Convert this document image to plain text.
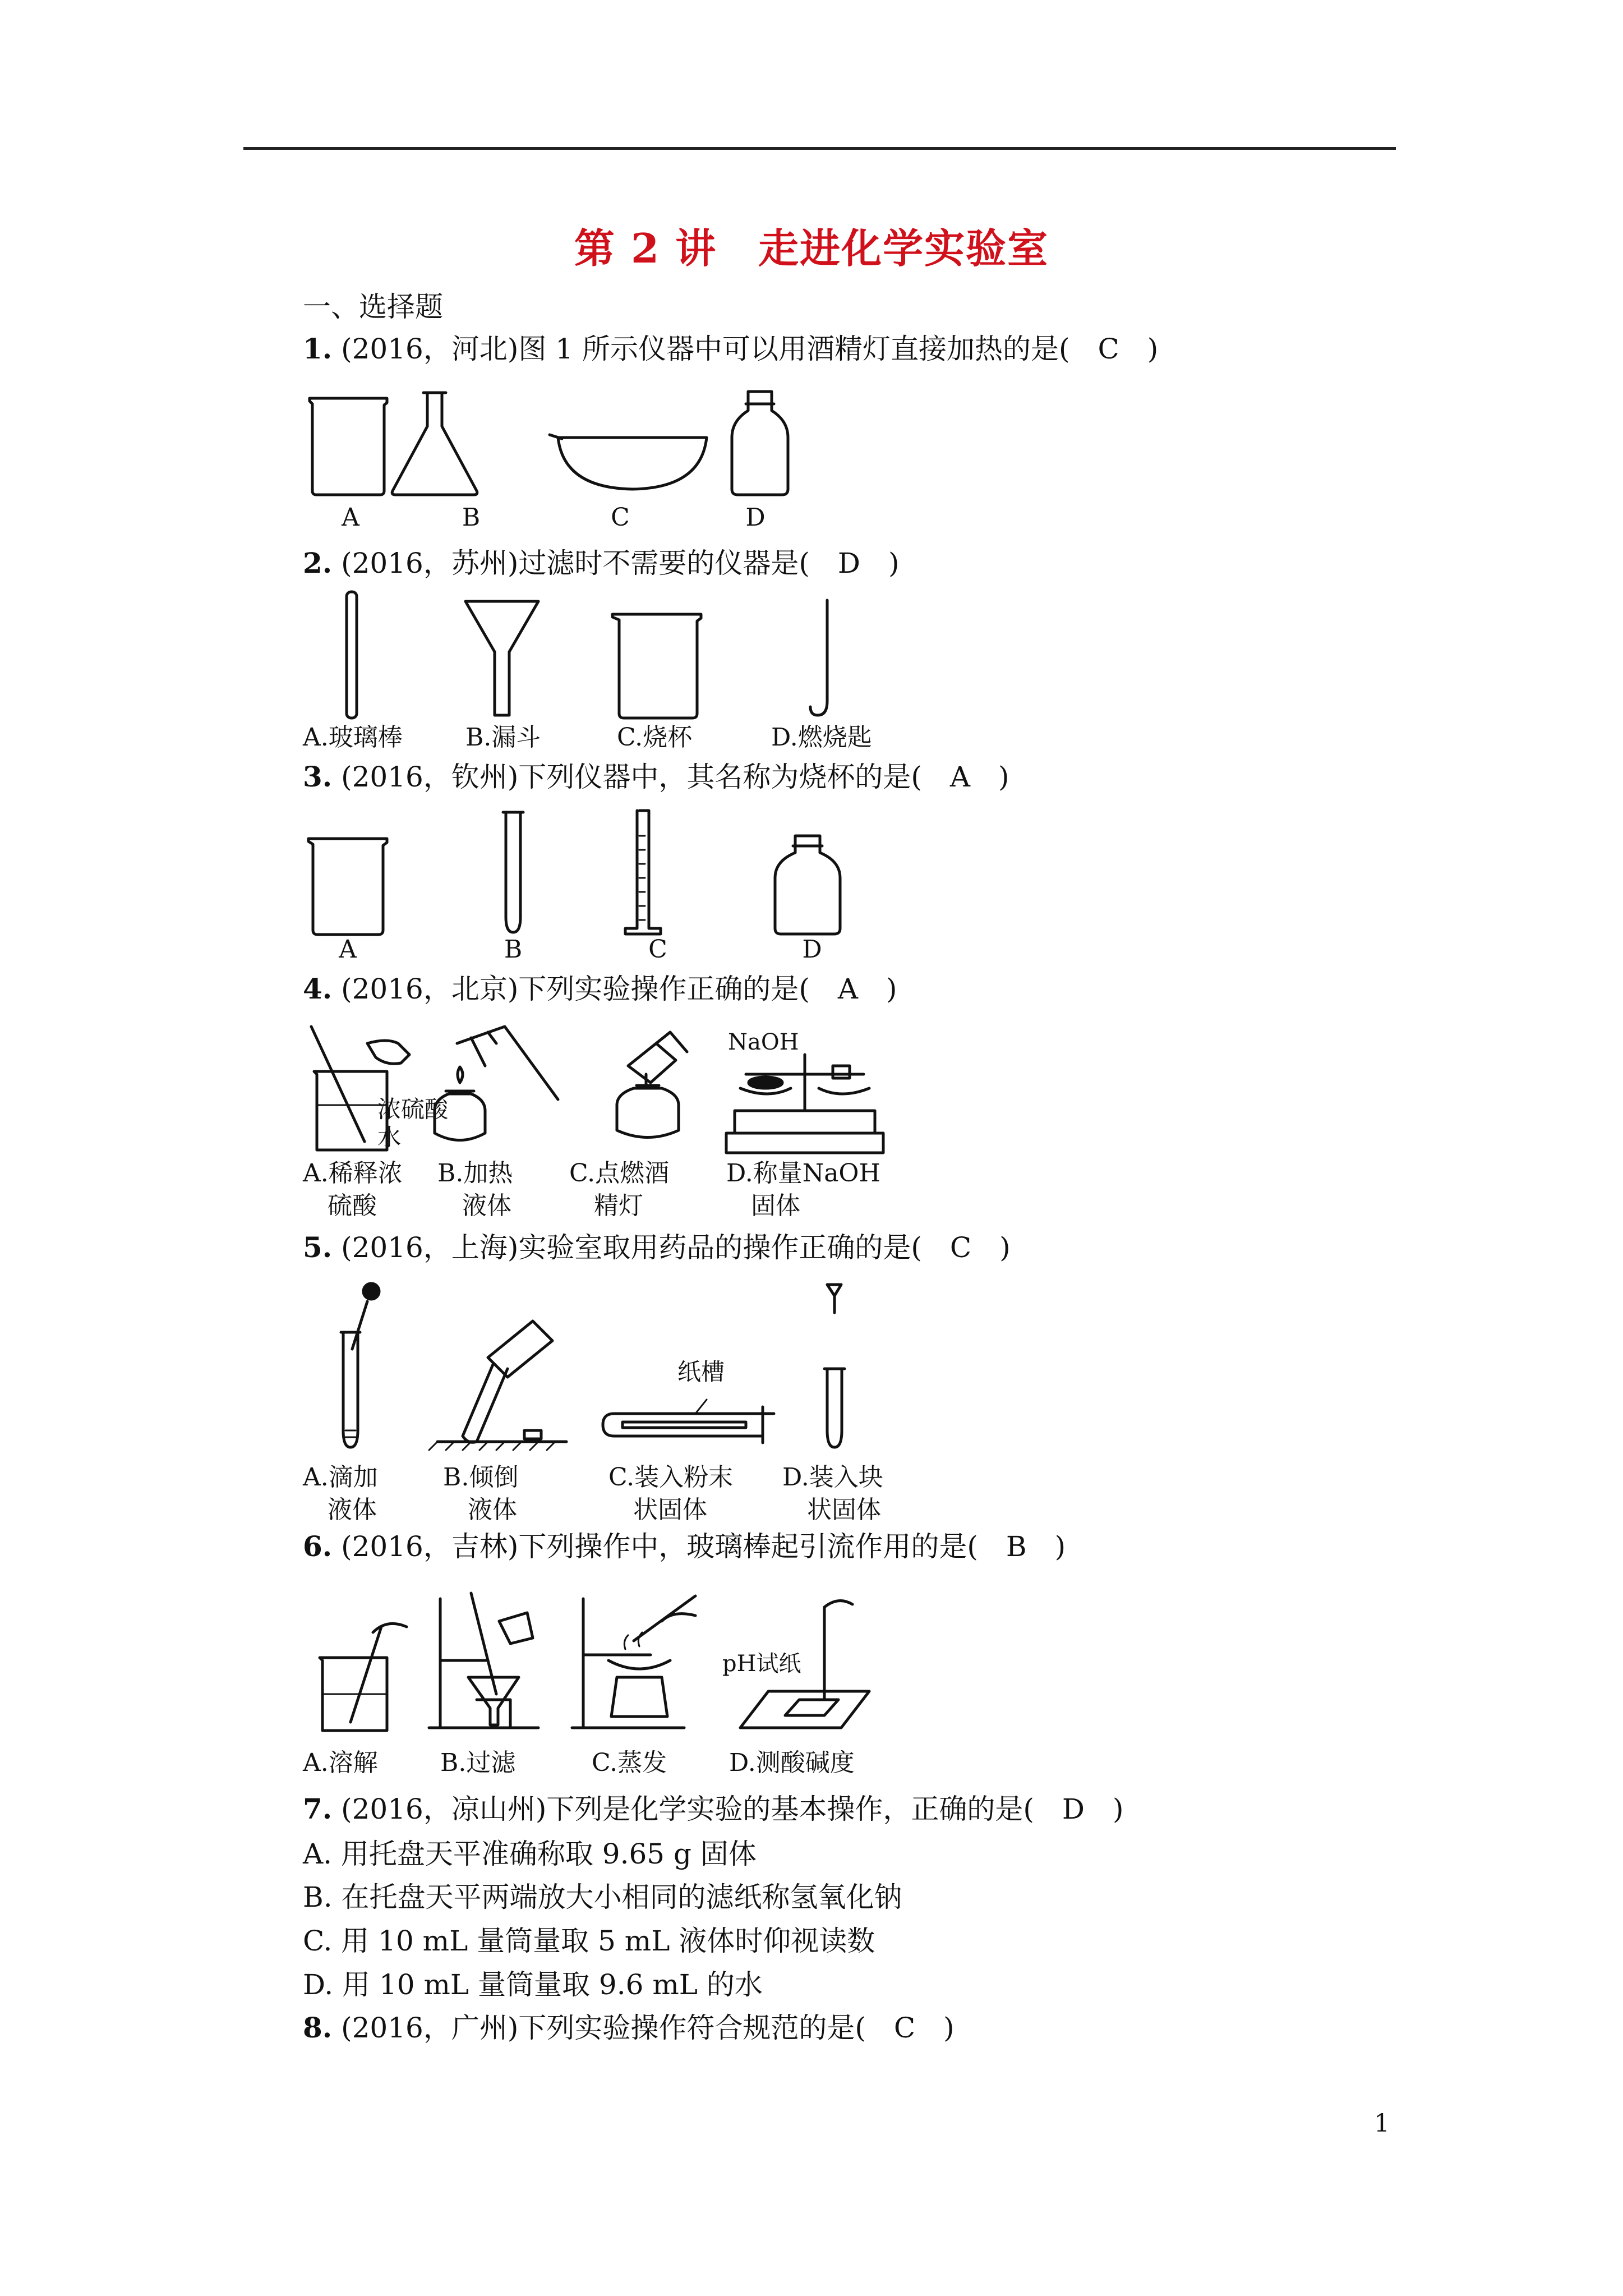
第 2 讲　走进化学实验室
一、选择题
1. (2016，河北)图 1 所示仪器中可以用酒精灯直接加热的是(　C　)
A	B	C	D
2. (2016，苏州)过滤时不需要的仪器是(　D　)
A.玻璃棒	B.漏斗	C.烧杯	D.燃烧匙
3. (2016，钦州)下列仪器中，其名称为烧杯的是(　A　)
A	B	C	D
4. (2016，北京)下列实验操作正确的是(　A　)
浓硫酸
水
NaOH
A.稀释浓
　硫酸
B.加热
　液体
C.点燃酒
　精灯
D.称量NaOH
　固体
5. (2016，上海)实验室取用药品的操作正确的是(　C　)
纸槽
A.滴加
　液体
B.倾倒
　液体
C.装入粉末
　状固体
D.装入块
　状固体
6. (2016，吉林)下列操作中，玻璃棒起引流作用的是(　B　)
pH试纸
A.溶解	B.过滤	C.蒸发	D.测酸碱度
7. (2016，凉山州)下列是化学实验的基本操作，正确的是(　D　)
A. 用托盘天平准确称取 9.65 g 固体
B. 在托盘天平两端放大小相同的滤纸称氢氧化钠
C. 用 10 mL 量筒量取 5 mL 液体时仰视读数
D. 用 10 mL 量筒量取 9.6 mL 的水
8. (2016，广州)下列实验操作符合规范的是(　C　)
1
